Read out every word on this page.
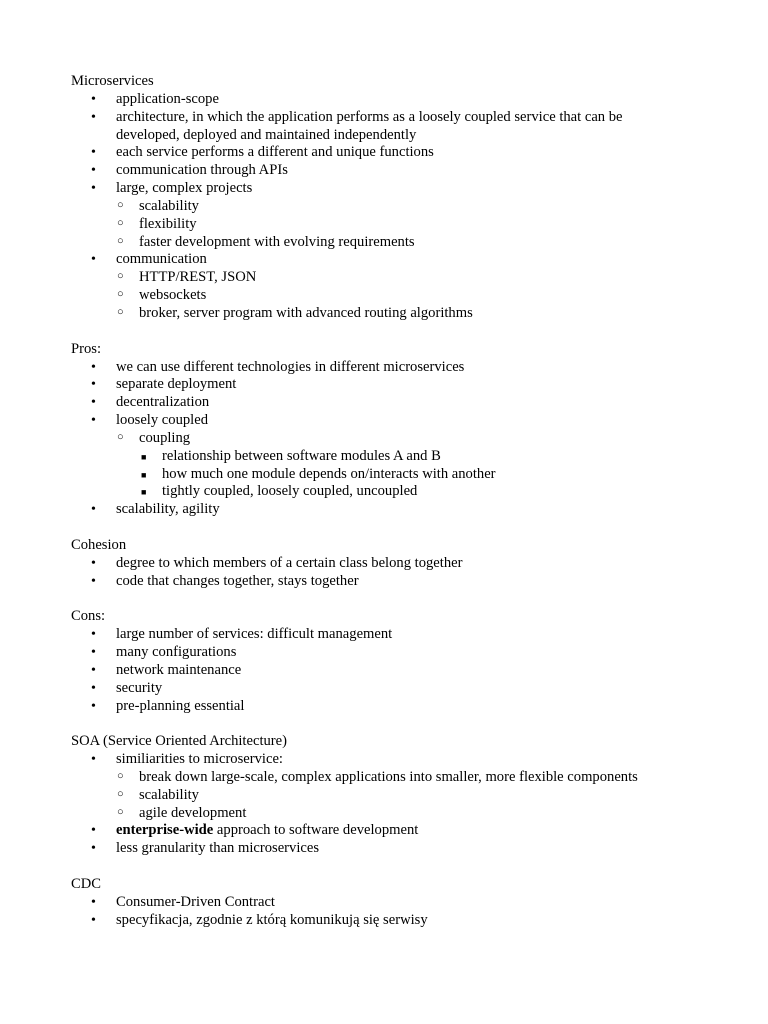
Microservices
• application-scope
• architecture, in which the application performs as a loosely coupled service that can be developed, deployed and maintained independently
• each service performs a different and unique functions
• communication through APIs
• large, complex projects
○ scalability
○ flexibility
○ faster development with evolving requirements
• communication
○ HTTP/REST, JSON
○ websockets
○ broker, server program with advanced routing algorithms
Pros:
• we can use different technologies in different microservices
• separate deployment
• decentralization
• loosely coupled
○ coupling
■ relationship between software modules A and B
■ how much one module depends on/interacts with another
■ tightly coupled, loosely coupled, uncoupled
• scalability, agility
Cohesion
• degree to which members of a certain class belong together
• code that changes together, stays together
Cons:
• large number of services: difficult management
• many configurations
• network maintenance
• security
• pre-planning essential
SOA (Service Oriented Architecture)
• similiarities to microservice:
○ break down large-scale, complex applications into smaller, more flexible components
○ scalability
○ agile development
• enterprise-wide approach to software development
• less granularity than microservices
CDC
• Consumer-Driven Contract
• specyfikacja, zgodnie z którą komunikują się serwisy
